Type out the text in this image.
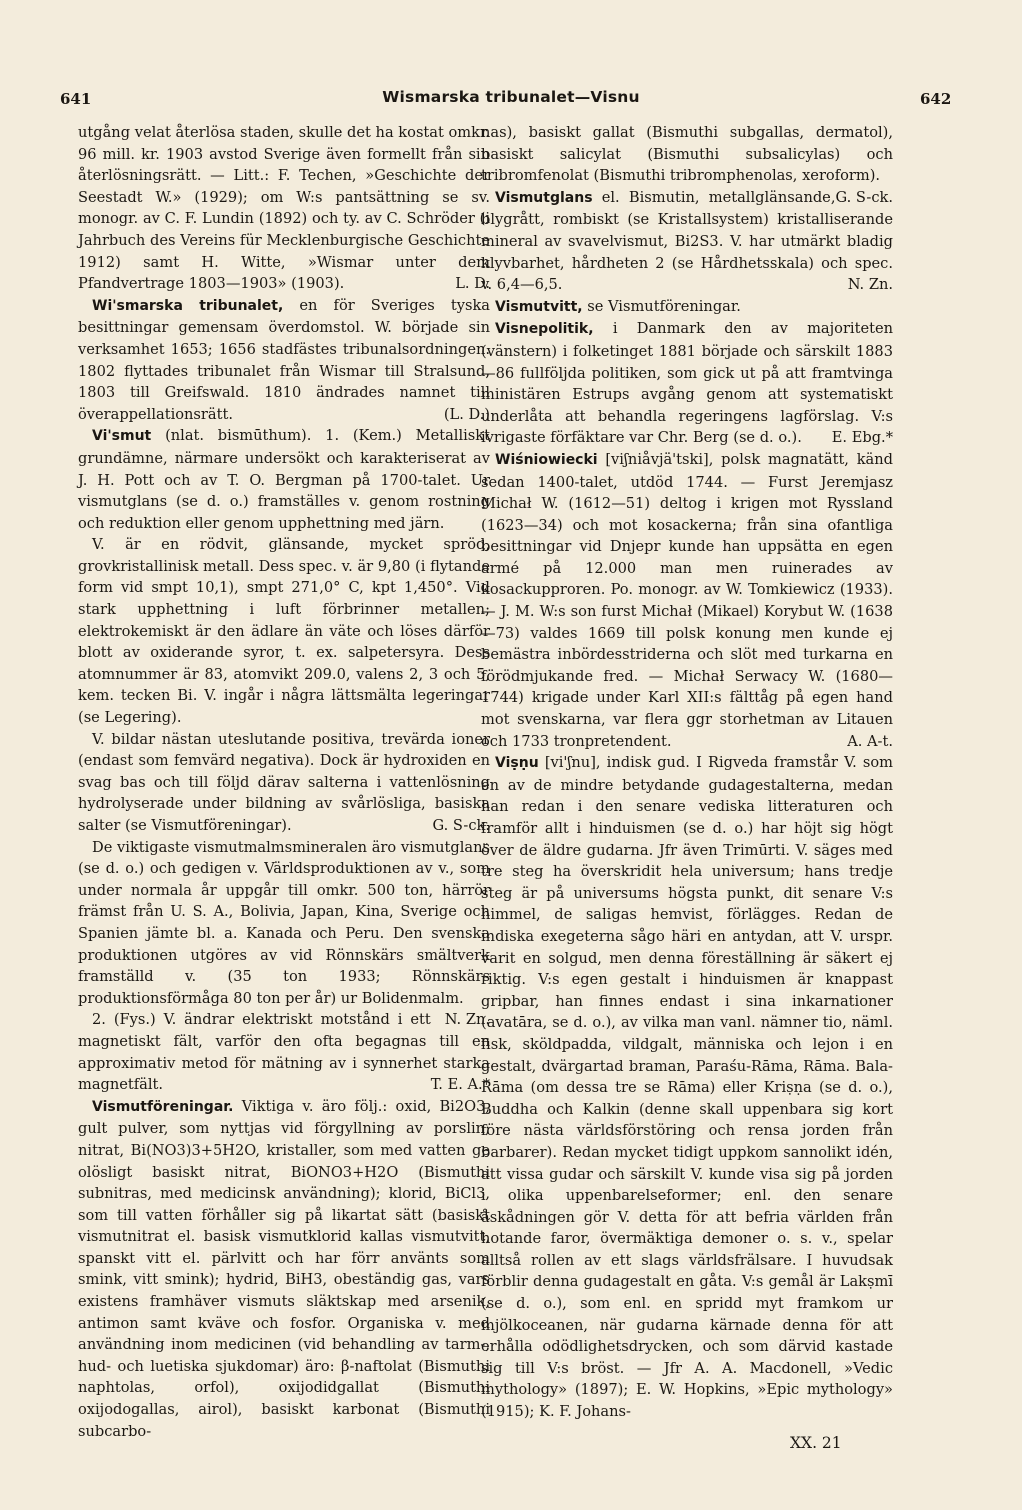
641	Wismarska tribunalet—Visnu	642

utgång velat återlösa staden, skulle det ha kostat omkr. 96 mill. kr. 1903 avstod Sverige även formellt från sin återlösningsrätt. — Litt.: F. Techen, »Geschichte der Seestadt W.» (1929); om W:s pantsättning se sv. monogr. av C. F. Lundin (1892) och ty. av C. Schröder (i Jahrbuch des Vereins für Mecklenburgische Geschichte 1912) samt H. Witte, »Wismar unter dem Pfandvertrage 1803—1903» (1903).	L. D.

Wi'smarska tribunalet, en för Sveriges tyska besittningar gemensam överdomstol. W. började sin verksamhet 1653; 1656 stadfästes tribunalsordningen. 1802 flyttades tribunalet från Wismar till Stralsund, 1803 till Greifswald. 1810 ändrades namnet till överappellationsrätt.	(L. D.)

Vi'smut (nlat. bismūthum). 1. (Kem.) Metalliskt grundämne, närmare undersökt och karakteriserat av J. H. Pott och av T. O. Bergman på 1700-talet. Ur vismutglans (se d. o.) framställes v. genom rostning och reduktion eller genom upphettning med järn.

V. är en rödvit, glänsande, mycket spröd, grovkristallinisk metall. Dess spec. v. är 9,80 (i flytande form vid smpt 10,1), smpt 271,0° C, kpt 1,450°. Vid stark upphettning i luft förbrinner metallen; elektrokemiskt är den ädlare än väte och löses därför blott av oxiderande syror, t. ex. salpetersyra. Dess atomnummer är 83, atomvikt 209.0, valens 2, 3 och 5, kem. tecken Bi. V. ingår i några lättsmälta legeringar (se Legering).

V. bildar nästan uteslutande positiva, trevärda ioner (endast som femvärd negativa). Dock är hydroxiden en svag bas och till följd därav salterna i vattenlösning hydrolyserade under bildning av svårlösliga, basiska salter (se Vismutföreningar).	G. S-ck.

De viktigaste vismutmalmsmineralen äro vismutglans (se d. o.) och gedigen v. Världsproduktionen av v., som under normala år uppgår till omkr. 500 ton, härrör främst från U. S. A., Bolivia, Japan, Kina, Sverige och Spanien jämte bl. a. Kanada och Peru. Den svenska produktionen utgöres av vid Rönnskärs smältverk framställd v. (35 ton 1933; Rönnskärs produktionsförmåga 80 ton per år) ur Bolidenmalm.
N. Zn.

2. (Fys.) V. ändrar elektriskt motstånd i ett magnetiskt fält, varför den ofta begagnas till en approximativ metod för mätning av i synnerhet starka magnetfält.	T. E. A.*

Vismutföreningar. Viktiga v. äro följ.: oxid, Bi2O3, gult pulver, som nyttjas vid förgyllning av porslin; nitrat, Bi(NO3)3+5H2O, kristaller, som med vatten ge olösligt basiskt nitrat, BiONO3+H2O (Bismuthi subnitras, med medicinsk användning); klorid, BiCl3, som till vatten förhåller sig på likartat sätt (basiskt vismutnitrat el. basisk vismutklorid kallas vismutvitt, spanskt vitt el. pärlvitt och har förr använts som smink, vitt smink); hydrid, BiH3, obeständig gas, vars existens framhäver vismuts släktskap med arsenik, antimon samt kväve och fosfor. Organiska v. med användning inom medicinen (vid behandling av tarm-, hud- och luetiska sjukdomar) äro: β-naftolat (Bismuthi naphtolas, orfol), oxijodidgallat (Bismuthi oxijodogallas, airol), basiskt karbonat (Bismuthi subcarbo-

nas), basiskt gallat (Bismuthi subgallas, dermatol), basiskt salicylat (Bismuthi subsalicylas) och tribromfenolat (Bismuthi tribromphenolas, xeroform).
G. S-ck.

Vismutglans el. Bismutin, metallglänsande, blygrått, rombiskt (se Kristallsystem) kristalliserande mineral av svavelvismut, Bi2S3. V. har utmärkt bladig klyvbarhet, hårdheten 2 (se Hårdhetsskala) och spec. v. 6,4—6,5.	N. Zn.

Vismutvitt, se Vismutföreningar.

Visnepolitik, i Danmark den av majoriteten (vänstern) i folketinget 1881 började och särskilt 1883—86 fullföljda politiken, som gick ut på att framtvinga ministären Estrups avgång genom att systematiskt underlåta att behandla regeringens lagförslag. V:s ivrigaste förfäktare var Chr. Berg (se d. o.).	E. Ebg.*

Wiśniowiecki [viʃniåvjä'tski], polsk magnatätt, känd sedan 1400-talet, utdöd 1744. — Furst Jeremjasz Michał W. (1612—51) deltog i krigen mot Ryssland (1623—34) och mot kosackerna; från sina ofantliga besittningar vid Dnjepr kunde han uppsätta en egen armé på 12.000 man men ruinerades av kosackupproren. Po. monogr. av W. Tomkiewicz (1933). — J. M. W:s son furst Michał (Mikael) Korybut W. (1638—73) valdes 1669 till polsk konung men kunde ej bemästra inbördesstriderna och slöt med turkarna en förödmjukande fred. — Michał Serwacy W. (1680—1744) krigade under Karl XII:s fälttåg på egen hand mot svenskarna, var flera ggr storhetman av Litauen och 1733 tronpretendent.	A. A-t.

Viṣṇu [vi'ʃnu], indisk gud. I Rigveda framstår V. som en av de mindre betydande gudagestalterna, medan han redan i den senare vediska litteraturen och framför allt i hinduismen (se d. o.) har höjt sig högt över de äldre gudarna. Jfr även Trimūrti. V. säges med tre steg ha överskridit hela universum; hans tredje steg är på universums högsta punkt, dit senare V:s himmel, de saligas hemvist, förlägges. Redan de indiska exegeterna sågo häri en antydan, att V. urspr. varit en solgud, men denna föreställning är säkert ej riktig. V:s egen gestalt i hinduismen är knappast gripbar, han finnes endast i sina inkarnationer (avatāra, se d. o.), av vilka man vanl. nämner tio, näml. fisk, sköldpadda, vildgalt, människa och lejon i en gestalt, dvärgartad braman, Paraśu-Rāma, Rāma. Bala-Rāma (om dessa tre se Rāma) eller Kriṣṇa (se d. o.), Buddha och Kalkin (denne skall uppenbara sig kort före nästa världsförstöring och rensa jorden från barbarer). Redan mycket tidigt uppkom sannolikt idén, att vissa gudar och särskilt V. kunde visa sig på jorden i olika uppenbarelseformer; enl. den senare åskådningen gör V. detta för att befria världen från hotande faror, övermäktiga demoner o. s. v., spelar alltså rollen av ett slags världsfrälsare. I huvudsak förblir denna gudagestalt en gåta. V:s gemål är Lakṣmī (se d. o.), som enl. en spridd myt framkom ur mjölkoceanen, när gudarna kärnade denna för att erhålla odödlighetsdrycken, och som därvid kastade sig till V:s bröst. — Jfr A. A. Macdonell, »Vedic mythology» (1897); E. W. Hopkins, »Epic mythology» (1915); K. F. Johans-

XX. 21
